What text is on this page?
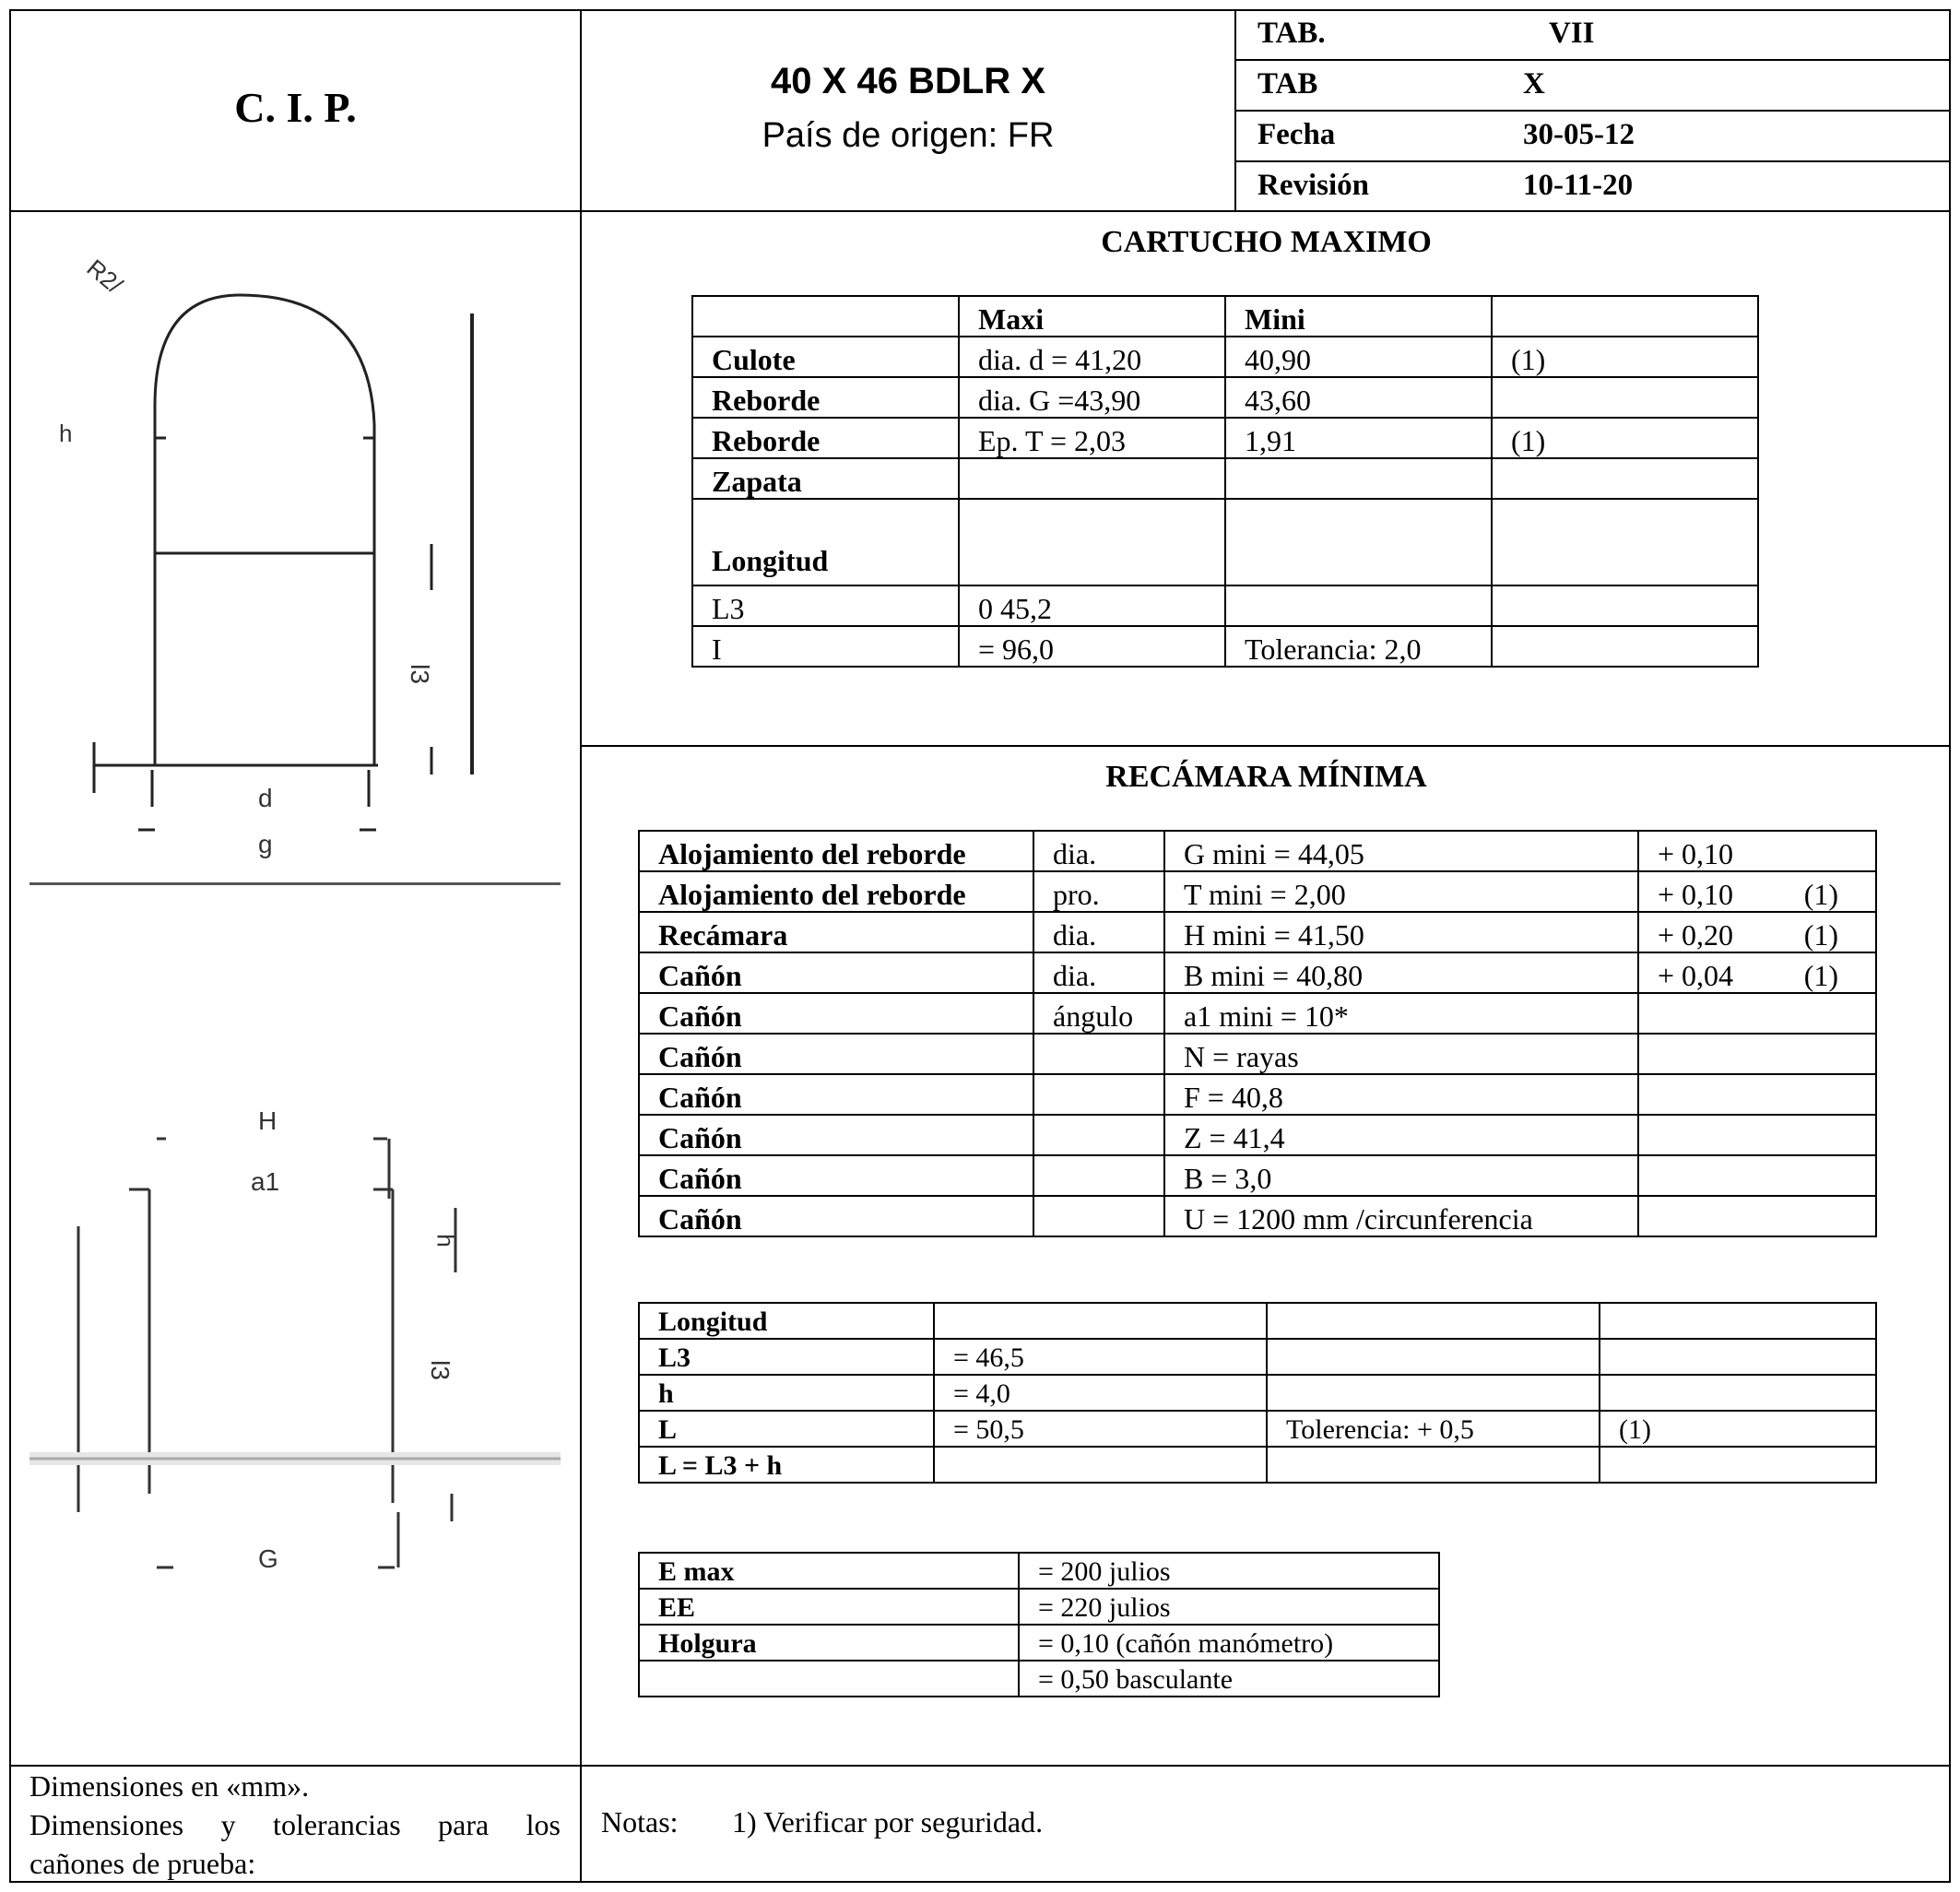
C. I. P.
40 X 46 BDLR X
País de origen: FR
TAB.	VII
TAB	X
Fecha	30-05-12
Revisión	10-11-20
R2/
h
l3
d
g
H
a1
l3
h
G
CARTUCHO MAXIMO
	Maxi	Mini	
Culote	dia. d = 41,20	40,90	(1)
Reborde	dia. G =43,90	43,60	
Reborde	Ep. T = 2,03	1,91	(1)
Zapata			
Longitud			
L3	0 45,2		
I	= 96,0	Tolerancia: 2,0	
RECÁMARA MÍNIMA
Alojamiento del reborde	dia.	G mini = 44,05	+ 0,10

Alojamiento del reborde	pro.	T mini = 2,00	+ 0,10 (1)

Recámara	dia.	H mini = 41,50	+ 0,20 (1)

Cañón	dia.	B mini = 40,80	+ 0,04 (1)

Cañón	ángulo	a1 mini = 10*	

Cañón		N = rayas	

Cañón		F = 40,8	

Cañón		Z = 41,4	

Cañón		B = 3,0	

Cañón		U = 1200 mm /circunferencia	
Longitud			
L3	= 46,5		
h	= 4,0		
L	= 50,5	Tolerencia: + 0,5	(1)
L = L3 + h			
E max	= 200 julios
EE	= 220 julios
Holgura	= 0,10 (cañón manómetro)
	= 0,50 basculante
Dimensiones en «mm».
Dimensiones y tolerancias para los
cañones de prueba:
Notas: 1) Verificar por seguridad.
